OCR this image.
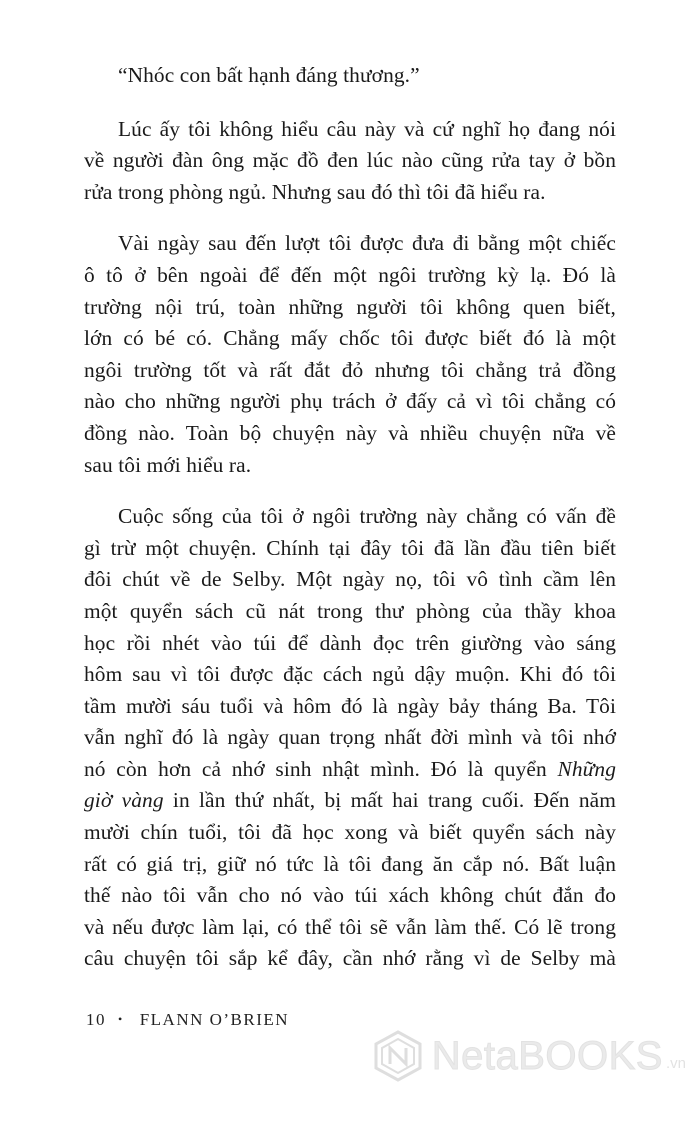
“Nhóc con bất hạnh đáng thương.”
Lúc ấy tôi không hiểu câu này và cứ nghĩ họ đang nói
về người đàn ông mặc đồ đen lúc nào cũng rửa tay ở bồn
rửa trong phòng ngủ. Nhưng sau đó thì tôi đã hiểu ra.
Vài ngày sau đến lượt tôi được đưa đi bằng một chiếc
ô tô ở bên ngoài để đến một ngôi trường kỳ lạ. Đó là
trường nội trú, toàn những người tôi không quen biết,
lớn có bé có. Chẳng mấy chốc tôi được biết đó là một
ngôi trường tốt và rất đắt đỏ nhưng tôi chẳng trả đồng
nào cho những người phụ trách ở đấy cả vì tôi chẳng có
đồng nào. Toàn bộ chuyện này và nhiều chuyện nữa về
sau tôi mới hiểu ra.
Cuộc sống của tôi ở ngôi trường này chẳng có vấn đề
gì trừ một chuyện. Chính tại đây tôi đã lần đầu tiên biết
đôi chút về de Selby. Một ngày nọ, tôi vô tình cầm lên
một quyển sách cũ nát trong thư phòng của thầy khoa
học rồi nhét vào túi để dành đọc trên giường vào sáng
hôm sau vì tôi được đặc cách ngủ dậy muộn. Khi đó tôi
tầm mười sáu tuổi và hôm đó là ngày bảy tháng Ba. Tôi
vẫn nghĩ đó là ngày quan trọng nhất đời mình và tôi nhớ
nó còn hơn cả nhớ sinh nhật mình. Đó là quyển Những
giờ vàng in lần thứ nhất, bị mất hai trang cuối. Đến năm
mười chín tuổi, tôi đã học xong và biết quyển sách này
rất có giá trị, giữ nó tức là tôi đang ăn cắp nó. Bất luận
thế nào tôi vẫn cho nó vào túi xách không chút đắn đo
và nếu được làm lại, có thể tôi sẽ vẫn làm thế. Có lẽ trong
câu chuyện tôi sắp kể đây, cần nhớ rằng vì de Selby mà
10 • FLANN O’BRIEN
NetaBOOKS .vn
